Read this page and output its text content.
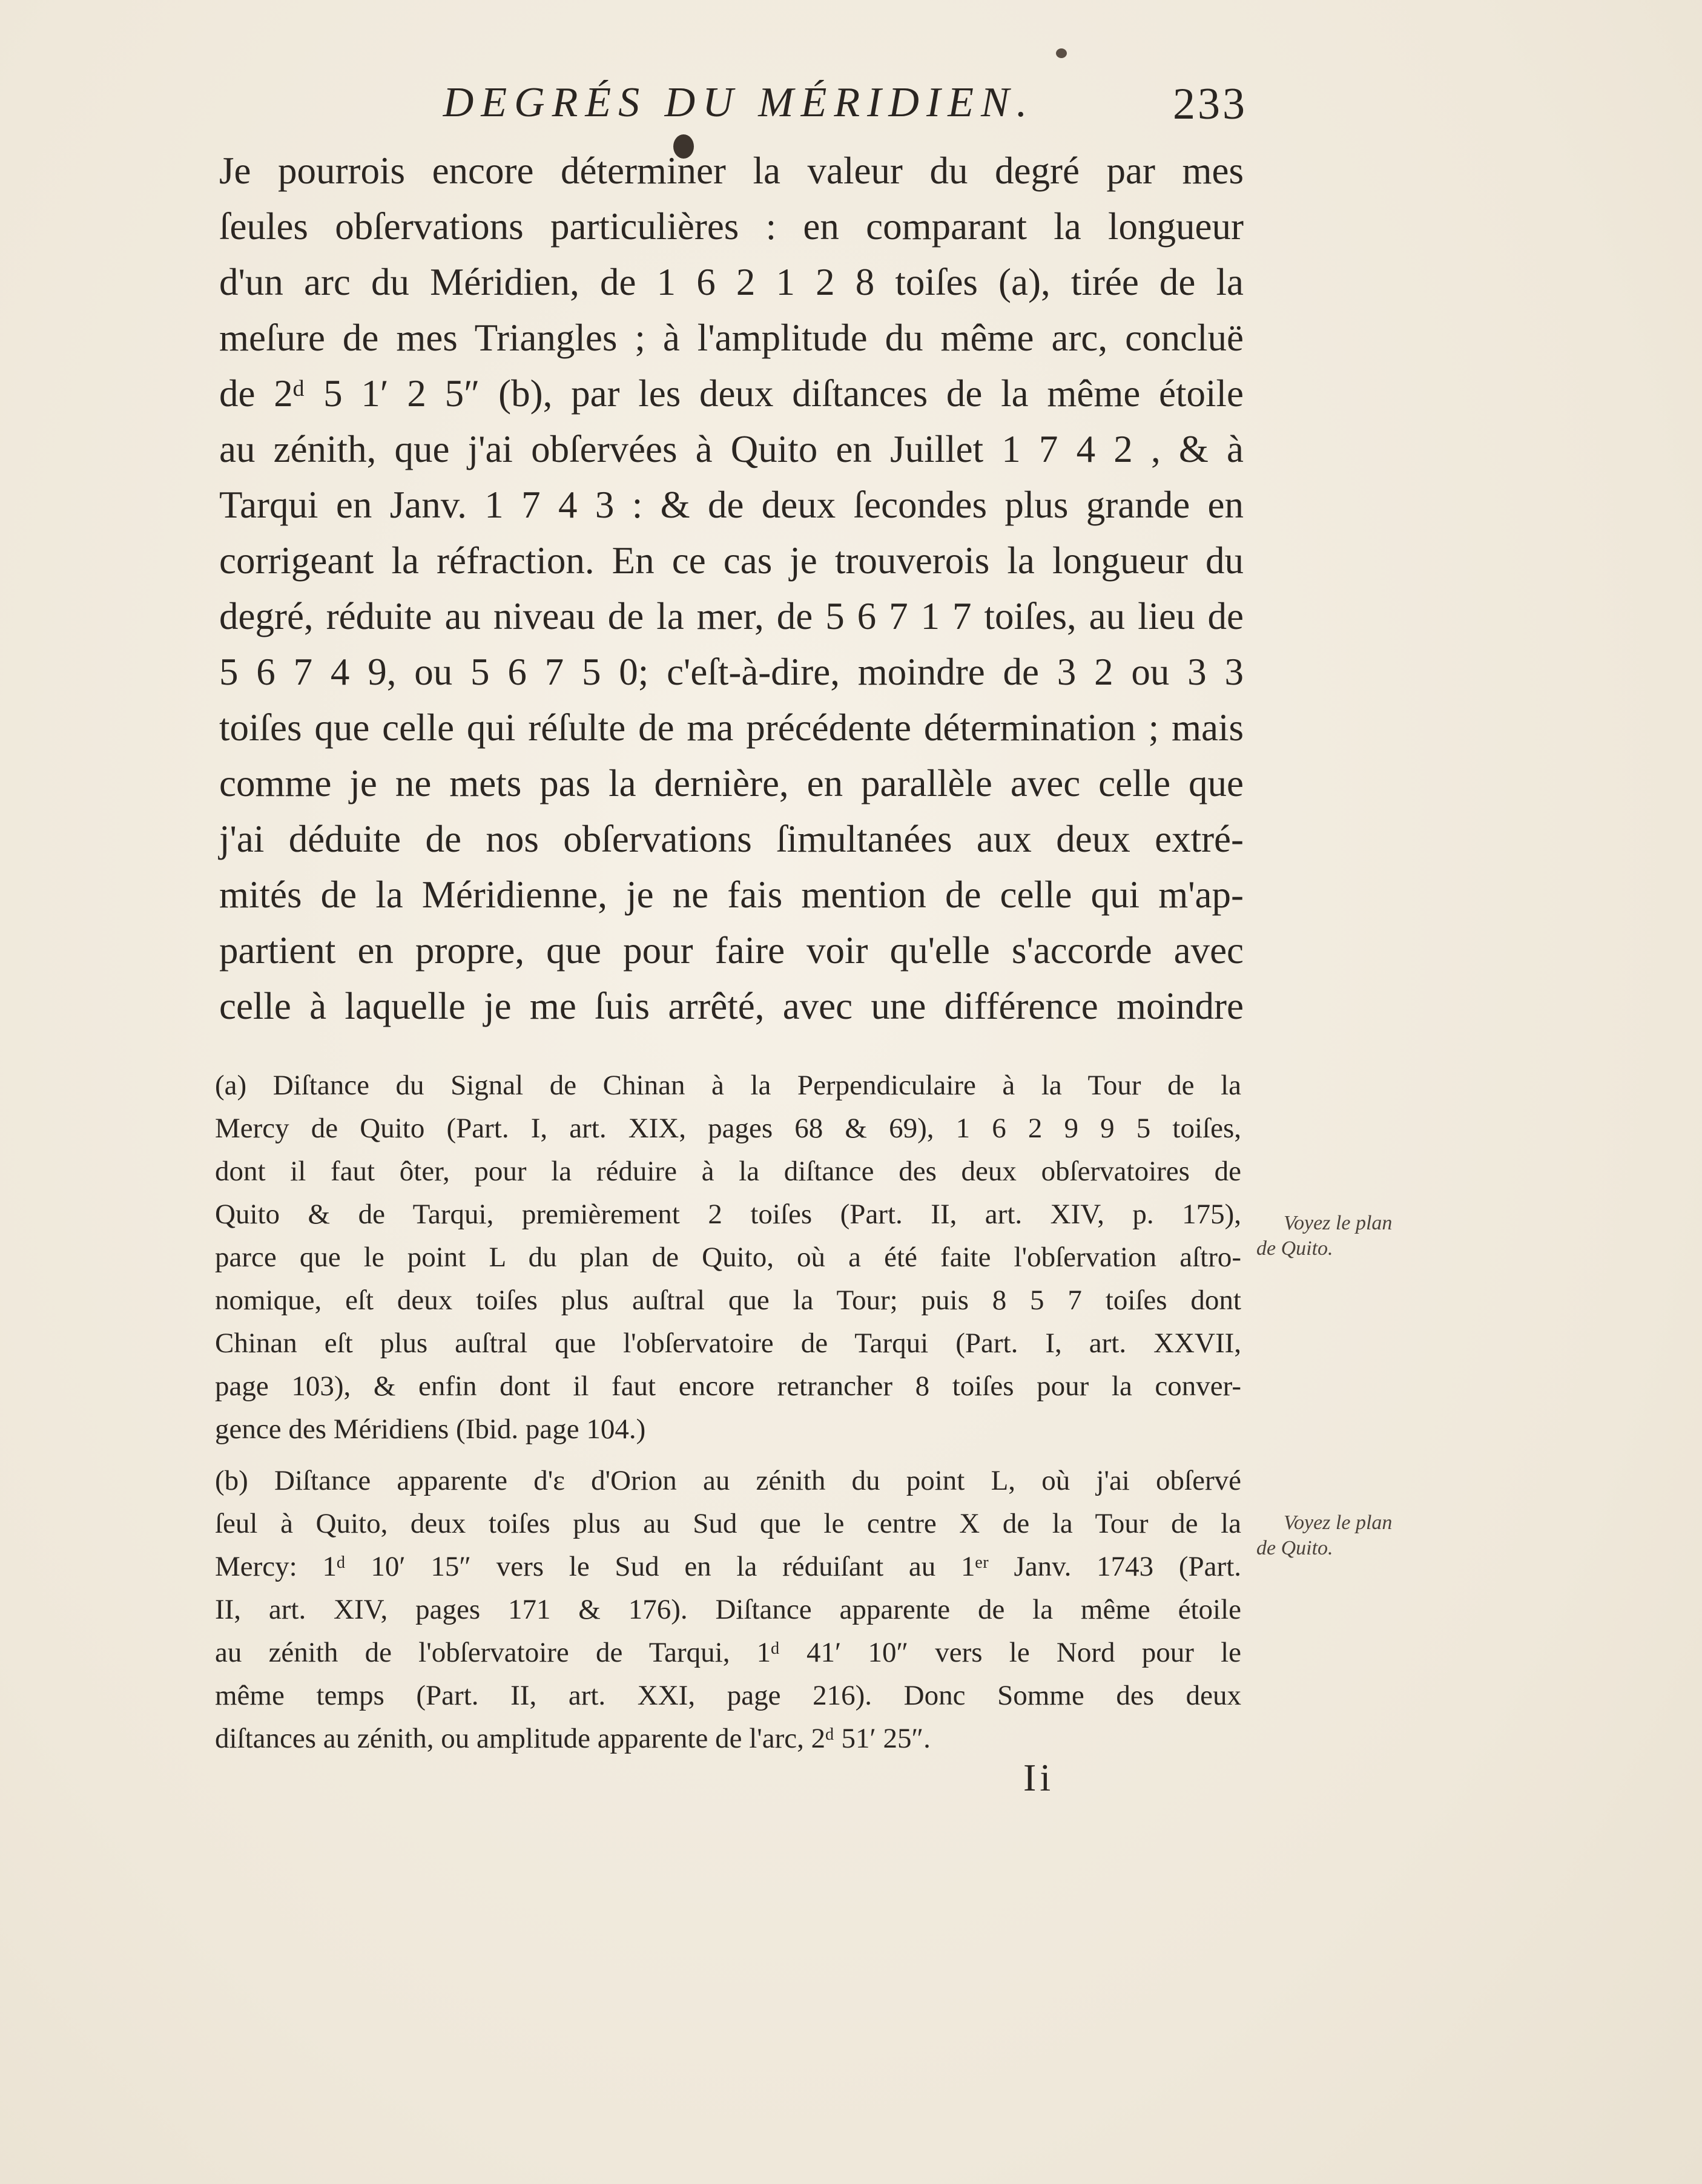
DEGRÉS DU MÉRIDIEN.	233
Je pourrois encore déterminer la valeur du degré par mes
ſeules obſervations particulières : en comparant la longueur
d'un arc du Méridien, de 1 6 2 1 2 8 toiſes (a), tirée de la
meſure de mes Triangles ; à l'amplitude du même arc, concluë
de 2ᵈ 5 1′ 2 5″ (b), par les deux diſtances de la même étoile
au zénith, que j'ai obſervées à Quito en Juillet 1 7 4 2 , & à
Tarqui en Janv. 1 7 4 3 : & de deux ſecondes plus grande en
corrigeant la réfraction. En ce cas je trouverois la longueur du
degré, réduite au niveau de la mer, de 5 6 7 1 7 toiſes, au lieu de
5 6 7 4 9, ou 5 6 7 5 0; c'eſt-à-dire, moindre de 3 2 ou 3 3
toiſes que celle qui réſulte de ma précédente détermination ; mais
comme je ne mets pas la dernière, en parallèle avec celle que
j'ai déduite de nos obſervations ſimultanées aux deux extré-
mités de la Méridienne, je ne fais mention de celle qui m'ap-
partient en propre, que pour faire voir qu'elle s'accorde avec
celle à laquelle je me ſuis arrêté, avec une différence moindre
(a) Diſtance du Signal de Chinan à la Perpendiculaire à la Tour de la
Mercy de Quito (Part. I, art. XIX, pages 68 & 69), 1 6 2 9 9 5 toiſes,
dont il faut ôter, pour la réduire à la diſtance des deux obſervatoires de
Quito & de Tarqui, premièrement 2 toiſes (Part. II, art. XIV, p. 175),
parce que le point L du plan de Quito, où a été faite l'obſervation aſtro-
nomique, eſt deux toiſes plus auſtral que la Tour; puis 8 5 7 toiſes dont
Chinan eſt plus auſtral que l'obſervatoire de Tarqui (Part. I, art. XXVII,
page 103), & enfin dont il faut encore retrancher 8 toiſes pour la conver-
gence des Méridiens (Ibid. page 104.)
(b) Diſtance apparente d'ε d'Orion au zénith du point L, où j'ai obſervé
ſeul à Quito, deux toiſes plus au Sud que le centre X de la Tour de la
Mercy: 1ᵈ 10′ 15″ vers le Sud en la réduiſant au 1ᵉʳ Janv. 1743 (Part.
II, art. XIV, pages 171 & 176). Diſtance apparente de la même étoile
au zénith de l'obſervatoire de Tarqui, 1ᵈ 41′ 10″ vers le Nord pour le
même temps (Part. II, art. XXI, page 216). Donc Somme des deux
diſtances au zénith, ou amplitude apparente de l'arc, 2ᵈ 51′ 25″.
Voyez le plan
de Quito.
Voyez le plan
de Quito.
Ii
